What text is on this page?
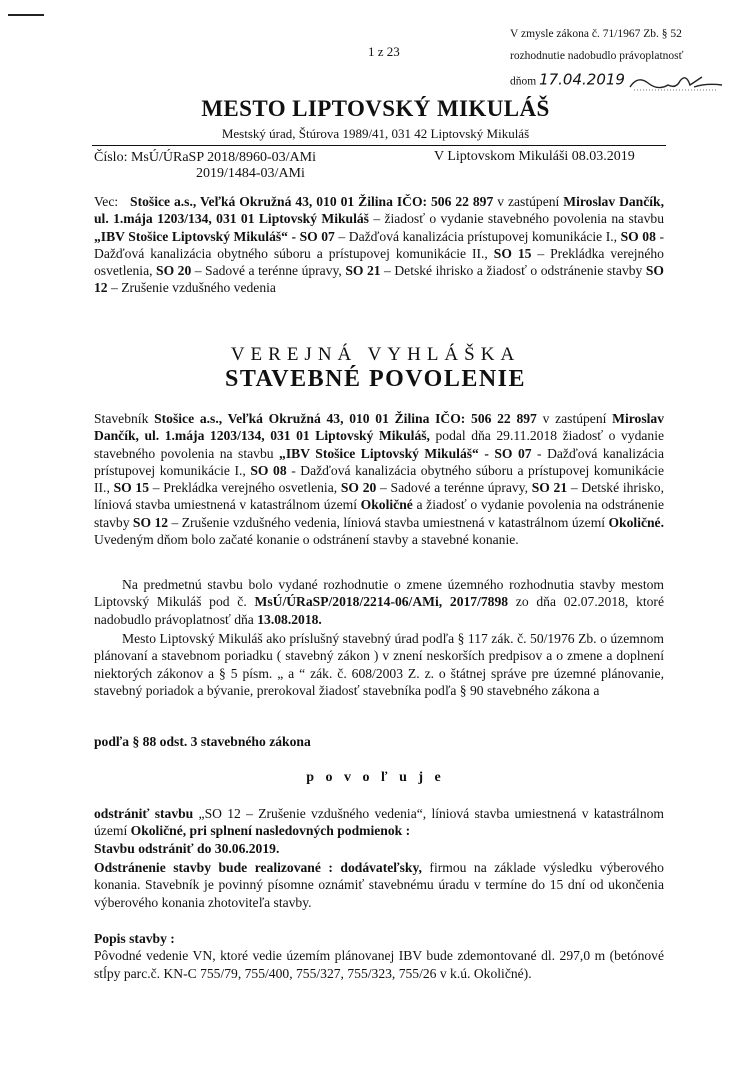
1 z 23
V zmysle zákona č. 71/1967 Zb. § 52
rozhodnutie nadobudlo právoplatnosť
dňom 17.04.2019
MESTO LIPTOVSKÝ MIKULÁŠ
Mestský úrad, Štúrova 1989/41, 031 42 Liptovský Mikuláš
Číslo: MsÚ/ÚRaSP 2018/8960-03/AMi
2019/1484-03/AMi
V Liptovskom Mikuláši 08.03.2019
Vec: Stošice a.s., Veľká Okružná 43, 010 01 Žilina IČO: 506 22 897 v zastúpení Miroslav Dančík, ul. 1.mája 1203/134, 031 01 Liptovský Mikuláš – žiadosť o vydanie stavebného povolenia na stavbu „IBV Stošice Liptovský Mikuláš“ - SO 07 – Dažďová kanalizácia prístupovej komunikácie I., SO 08 - Dažďová kanalizácia obytného súboru a prístupovej komunikácie II., SO 15 – Prekládka verejného osvetlenia, SO 20 – Sadové a terénne úpravy, SO 21 – Detské ihrisko a žiadosť o odstránenie stavby SO 12 – Zrušenie vzdušného vedenia
VEREJNÁ VYHLÁŠKA
STAVEBNÉ POVOLENIE
Stavebník Stošice a.s., Veľká Okružná 43, 010 01 Žilina IČO: 506 22 897 v zastúpení Miroslav Dančík, ul. 1.mája 1203/134, 031 01 Liptovský Mikuláš, podal dňa 29.11.2018 žiadosť o vydanie stavebného povolenia na stavbu „IBV Stošice Liptovský Mikuláš“ - SO 07 - Dažďová kanalizácia prístupovej komunikácie I., SO 08 - Dažďová kanalizácia obytného súboru a prístupovej komunikácie II., SO 15 – Prekládka verejného osvetlenia, SO 20 – Sadové a terénne úpravy, SO 21 – Detské ihrisko, líniová stavba umiestnená v katastrálnom území Okoličné a žiadosť o vydanie povolenia na odstránenie stavby SO 12 – Zrušenie vzdušného vedenia, líniová stavba umiestnená v katastrálnom území Okoličné. Uvedeným dňom bolo začaté konanie o odstránení stavby a stavebné konanie.
Na predmetnú stavbu bolo vydané rozhodnutie o zmene územného rozhodnutia stavby mestom Liptovský Mikuláš pod č. MsÚ/ÚRaSP/2018/2214-06/AMi, 2017/7898 zo dňa 02.07.2018, ktoré nadobudlo právoplatnosť dňa 13.08.2018.
Mesto Liptovský Mikuláš ako príslušný stavebný úrad podľa § 117 zák. č. 50/1976 Zb. o územnom plánovaní a stavebnom poriadku ( stavebný zákon ) v znení neskorších predpisov a o zmene a doplnení niektorých zákonov a § 5 písm. „ a “ zák. č. 608/2003 Z. z. o štátnej správe pre územné plánovanie, stavebný poriadok a bývanie, prerokoval žiadosť stavebníka podľa § 90 stavebného zákona a
podľa § 88 odst. 3 stavebného zákona
p o v o ľ u j e
odstrániť stavbu „SO 12 – Zrušenie vzdušného vedenia“, líniová stavba umiestnená v katastrálnom území Okoličné, pri splnení nasledovných podmienok :
Stavbu odstrániť do 30.06.2019.
Odstránenie stavby bude realizované : dodávateľsky, firmou na základe výsledku výberového konania. Stavebník je povinný písomne oznámiť stavebnému úradu v termíne do 15 dní od ukončenia výberového konania zhotoviteľa stavby.
Popis stavby :
Pôvodné vedenie VN, ktoré vedie územím plánovanej IBV bude zdemontované dl. 297,0 m (betónové stĺpy parc.č. KN-C 755/79, 755/400, 755/327, 755/323, 755/26 v k.ú. Okoličné).
